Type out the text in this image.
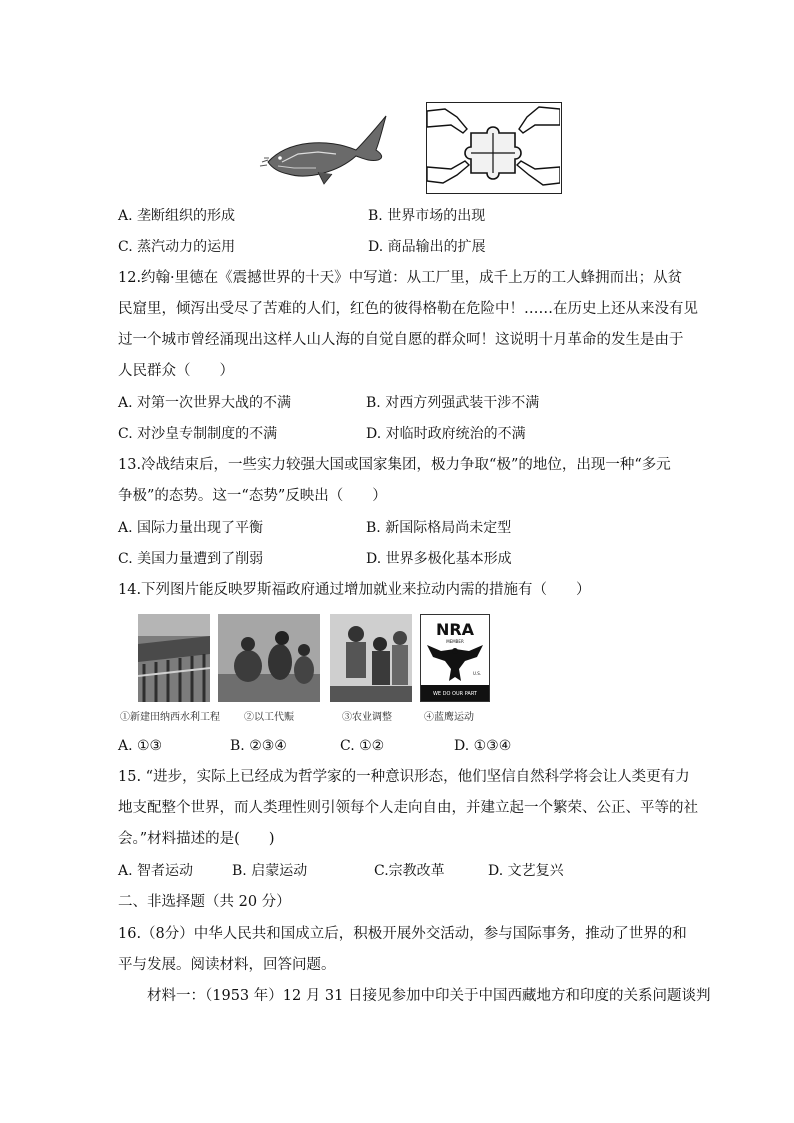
A. 垄断组织的形成	B. 世界市场的出现
C. 蒸汽动力的运用	D. 商品输出的扩展
12.约翰·里德在《震撼世界的十天》中写道：从工厂里，成千上万的工人蜂拥而出；从贫
民窟里，倾泻出受尽了苦难的人们，红色的彼得格勒在危险中！……在历史上还从来没有见
过一个城市曾经涌现出这样人山人海的自觉自愿的群众呵！这说明十月革命的发生是由于
人民群众（　　）
A. 对第一次世界大战的不满	B. 对西方列强武装干涉不满
C. 对沙皇专制制度的不满	D. 对临时政府统治的不满
13.冷战结束后，一些实力较强大国或国家集团，极力争取“极”的地位，出现一种“多元
争极”的态势。这一“态势”反映出（　　）
A. 国际力量出现了平衡	B. 新国际格局尚未定型
C. 美国力量遭到了削弱	D. 世界多极化基本形成
14.下列图片能反映罗斯福政府通过增加就业来拉动内需的措施有（　　）
NRA
MEMBER
U.S.
WE DO OUR PART
①新建田纳西水利工程 ②以工代赈	③农业调整	④蓝鹰运动
A. ①③	B. ②③④	C. ①②	D. ①③④
15. “进步，实际上已经成为哲学家的一种意识形态，他们坚信自然科学将会让人类更有力
地支配整个世界，而人类理性则引领每个人走向自由，并建立起一个繁荣、公正、平等的社
会。”材料描述的是(　　)
A. 智者运动	B. 启蒙运动	C.宗教改革	D. 文艺复兴
二、非选择题（共 20 分）
16.（8分）中华人民共和国成立后，积极开展外交活动，参与国际事务，推动了世界的和
平与发展。阅读材料，回答问题。
　　材料一：（1953 年）12 月 31 日接见参加中印关于中国西藏地方和印度的关系问题谈判
